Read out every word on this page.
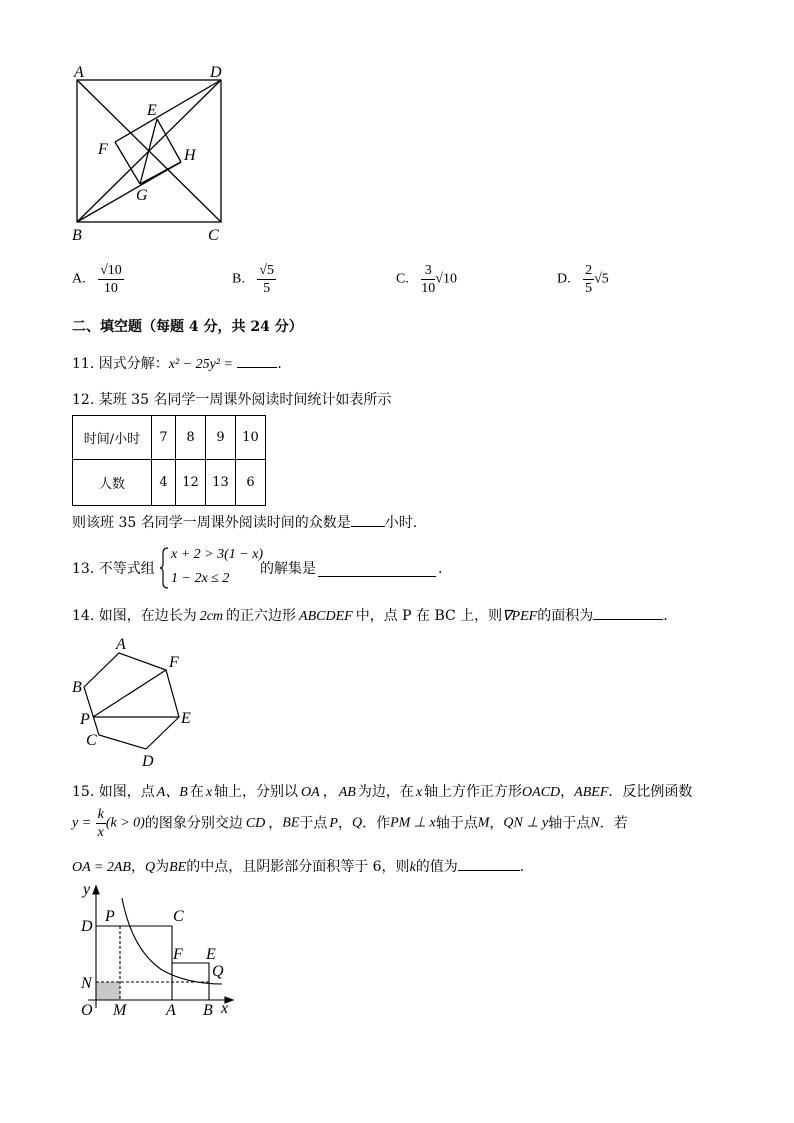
A	D
E
F	H
G
B	C
A. $\frac{√10}{10}$	B. $\frac{√5}{5}$	C. $\frac{3}{10} √10$	D. $\frac{2}{5} √5$
二、填空题（每题 4 分，共 24 分）
11. 因式分解：x² − 25y² =	.
12. 某班 35 名同学一周课外阅读时间统计如表所示
时间/小时	7	8	9	10
人数	4	12	13	6
则该班 35 名同学一周课外阅读时间的众数是 小时.
13. 不等式组
x + 2 > 3(1 − x)
1 − 2x ≤ 2
的解集是	.
14. 如图，在边长为 2cm 的正六边形 ABCDEF 中，点 P 在 BC 上，则∇PEF的面积为	.
A
F
B
P	E
C
D
15. 如图，点 A、B 在 x 轴上，分别以 OA ， AB 为边，在 x 轴上方作正方形OACD，ABEF．反比例函数
$y = \frac{k}{x} (k > 0)$的图象分别交边 CD ，BE于点 P，Q．作PM ⊥ x轴于点M，QN ⊥ y轴于点N．若
OA = 2AB，Q为BE的中点，且阴影部分面积等于 6，则k的值为	.
y
P	C
D
F E
Q
N
O M A B x
